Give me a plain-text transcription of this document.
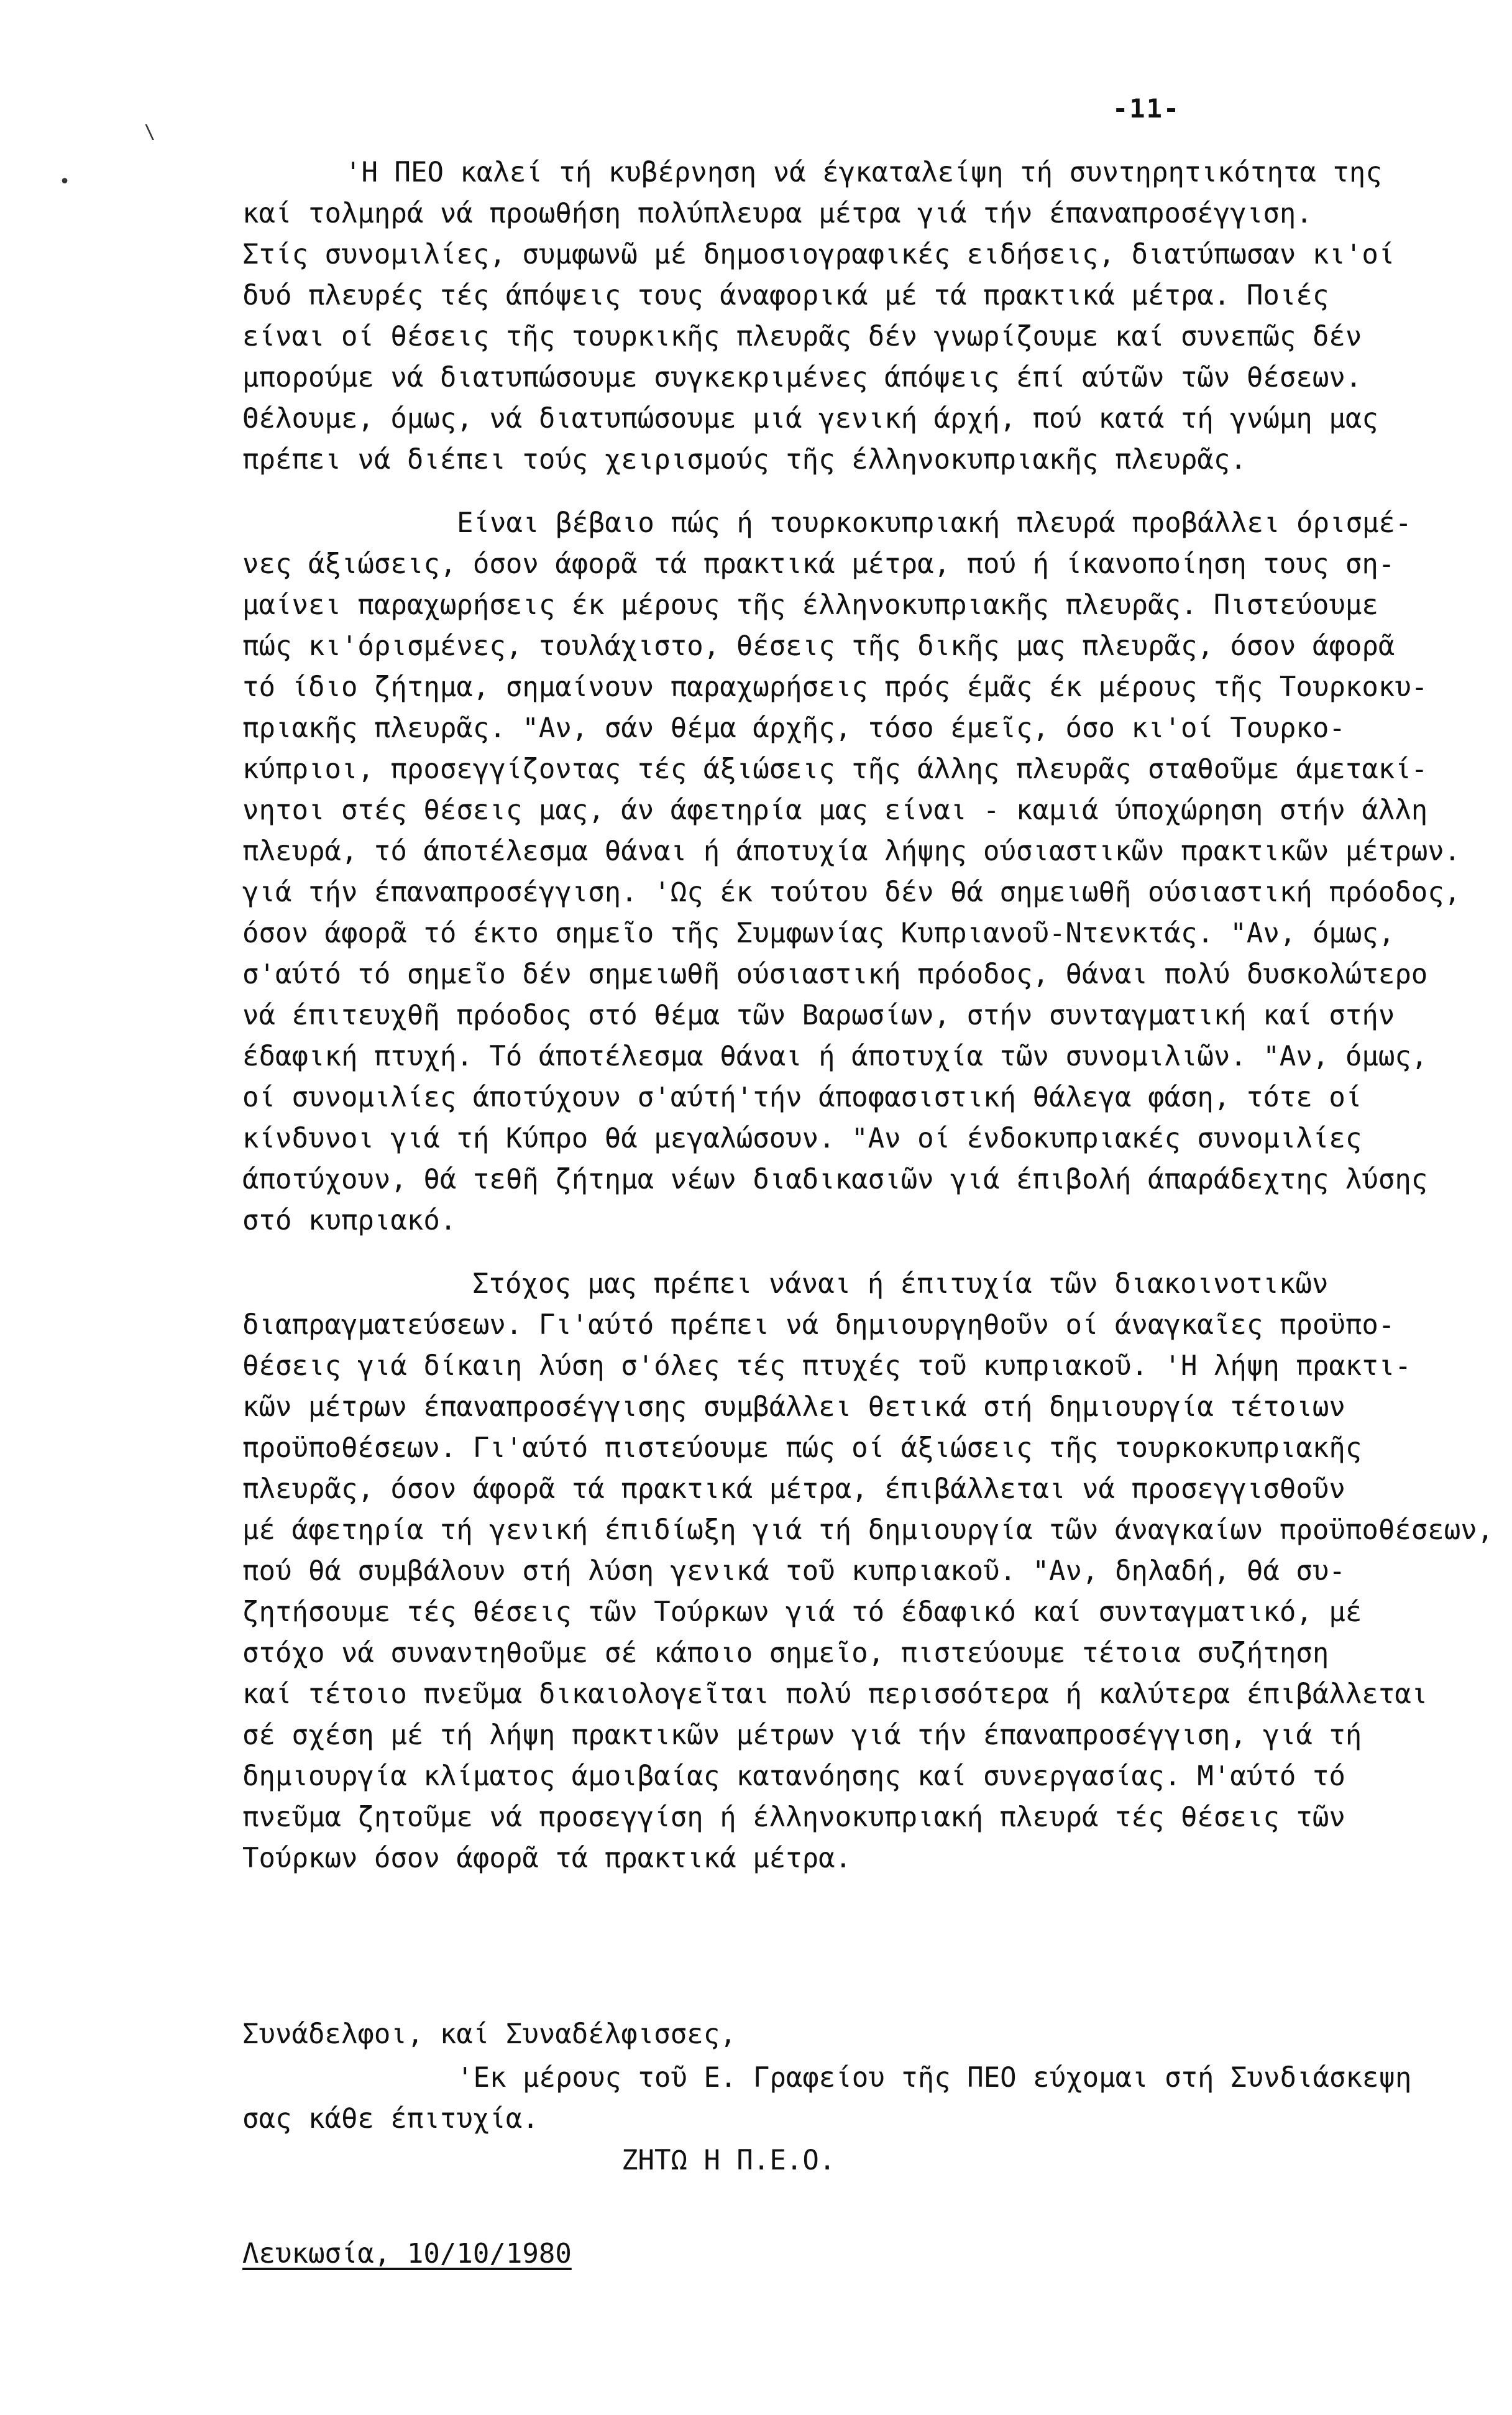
-11-
\
•	'Η ΠΕΟ καλεί τή κυβέρνηση νά έγκαταλείψη τή συντηρητικότητα της
καί τολμηρά νά προωθήση πολύπλευρα μέτρα γιά τήν έπαναπροσέγγιση.
Στίς συνομιλίες, συμφωνῶ μέ δημοσιογραφικές ειδήσεις, διατύπωσαν κι'οί
δυό πλευρές τές άπόψεις τους άναφορικά μέ τά πρακτικά μέτρα. Ποιές
είναι οί θέσεις τῆς τουρκικῆς πλευρᾶς δέν γνωρίζουμε καί συνεπῶς δέν
μπορούμε νά διατυπώσουμε συγκεκριμένες άπόψεις έπί αύτῶν τῶν θέσεων.
Θέλουμε, όμως, νά διατυπώσουμε μιά γενική άρχή, πού κατά τή γνώμη μας
πρέπει νά διέπει τούς χειρισμούς τῆς έλληνοκυπριακῆς πλευρᾶς.
Είναι βέβαιο πώς ή τουρκοκυπριακή πλευρά προβάλλει όρισμέ-
νες άξιώσεις, όσον άφορᾶ τά πρακτικά μέτρα, πού ή ίκανοποίηση τους ση-
μαίνει παραχωρήσεις έκ μέρους τῆς έλληνοκυπριακῆς πλευρᾶς. Πιστεύουμε
πώς κι'όρισμένες, τουλάχιστο, θέσεις τῆς δικῆς μας πλευρᾶς, όσον άφορᾶ
τό ίδιο ζήτημα, σημαίνουν παραχωρήσεις πρός έμᾶς έκ μέρους τῆς Τουρκοκυ-
πριακῆς πλευρᾶς. "Αν, σάν θέμα άρχῆς, τόσο έμεῖς, όσο κι'οί Τουρκο-
κύπριοι, προσεγγίζοντας τές άξιώσεις τῆς άλλης πλευρᾶς σταθοῦμε άμετακί-
νητοι στές θέσεις μας, άν άφετηρία μας είναι - καμιά ύποχώρηση στήν άλλη
πλευρά, τό άποτέλεσμα θάναι ή άποτυχία λήψης ούσιαστικῶν πρακτικῶν μέτρων.
γιά τήν έπαναπροσέγγιση. 'Ως έκ τούτου δέν θά σημειωθῆ ούσιαστική πρόοδος,
όσον άφορᾶ τό έκτο σημεῖο τῆς Συμφωνίας Κυπριανοῦ-Ντενκτάς. "Αν, όμως,
σ'αύτό τό σημεῖο δέν σημειωθῆ ούσιαστική πρόοδος, θάναι πολύ δυσκολώτερο
νά έπιτευχθῆ πρόοδος στό θέμα τῶν Βαρωσίων, στήν συνταγματική καί στήν
έδαφική πτυχή. Τό άποτέλεσμα θάναι ή άποτυχία τῶν συνομιλιῶν. "Αν, όμως,
οί συνομιλίες άποτύχουν σ'αύτή'τήν άποφασιστική θάλεγα φάση, τότε οί
κίνδυνοι γιά τή Κύπρο θά μεγαλώσουν. "Αν οί ένδοκυπριακές συνομιλίες
άποτύχουν, θά τεθῆ ζήτημα νέων διαδικασιῶν γιά έπιβολή άπαράδεχτης λύσης
στό κυπριακό.
Στόχος μας πρέπει νάναι ή έπιτυχία τῶν διακοινοτικῶν
διαπραγματεύσεων. Γι'αύτό πρέπει νά δημιουργηθοῦν οί άναγκαῖες προϋπο-
θέσεις γιά δίκαιη λύση σ'όλες τές πτυχές τοῦ κυπριακοῦ. 'Η λήψη πρακτι-
κῶν μέτρων έπαναπροσέγγισης συμβάλλει θετικά στή δημιουργία τέτοιων
προϋποθέσεων. Γι'αύτό πιστεύουμε πώς οί άξιώσεις τῆς τουρκοκυπριακῆς
πλευρᾶς, όσον άφορᾶ τά πρακτικά μέτρα, έπιβάλλεται νά προσεγγισθοῦν
μέ άφετηρία τή γενική έπιδίωξη γιά τή δημιουργία τῶν άναγκαίων προϋποθέσεων,
πού θά συμβάλουν στή λύση γενικά τοῦ κυπριακοῦ. "Αν, δηλαδή, θά συ-
ζητήσουμε τές θέσεις τῶν Τούρκων γιά τό έδαφικό καί συνταγματικό, μέ
στόχο νά συναντηθοῦμε σέ κάποιο σημεῖο, πιστεύουμε τέτοια συζήτηση
καί τέτοιο πνεῦμα δικαιολογεῖται πολύ περισσότερα ή καλύτερα έπιβάλλεται
σέ σχέση μέ τή λήψη πρακτικῶν μέτρων γιά τήν έπαναπροσέγγιση, γιά τή
δημιουργία κλίματος άμοιβαίας κατανόησης καί συνεργασίας. Μ'αύτό τό
πνεῦμα ζητοῦμε νά προσεγγίση ή έλληνοκυπριακή πλευρά τές θέσεις τῶν
Τούρκων όσον άφορᾶ τά πρακτικά μέτρα.
Συνάδελφοι, καί Συναδέλφισσες,
'Εκ μέρους τοῦ Ε. Γραφείου τῆς ΠΕΟ εύχομαι στή Συνδιάσκεψη
σας κάθε έπιτυχία.
ΖΗΤΩ Η Π.Ε.Ο.
Λευκωσία, 10/10/1980
